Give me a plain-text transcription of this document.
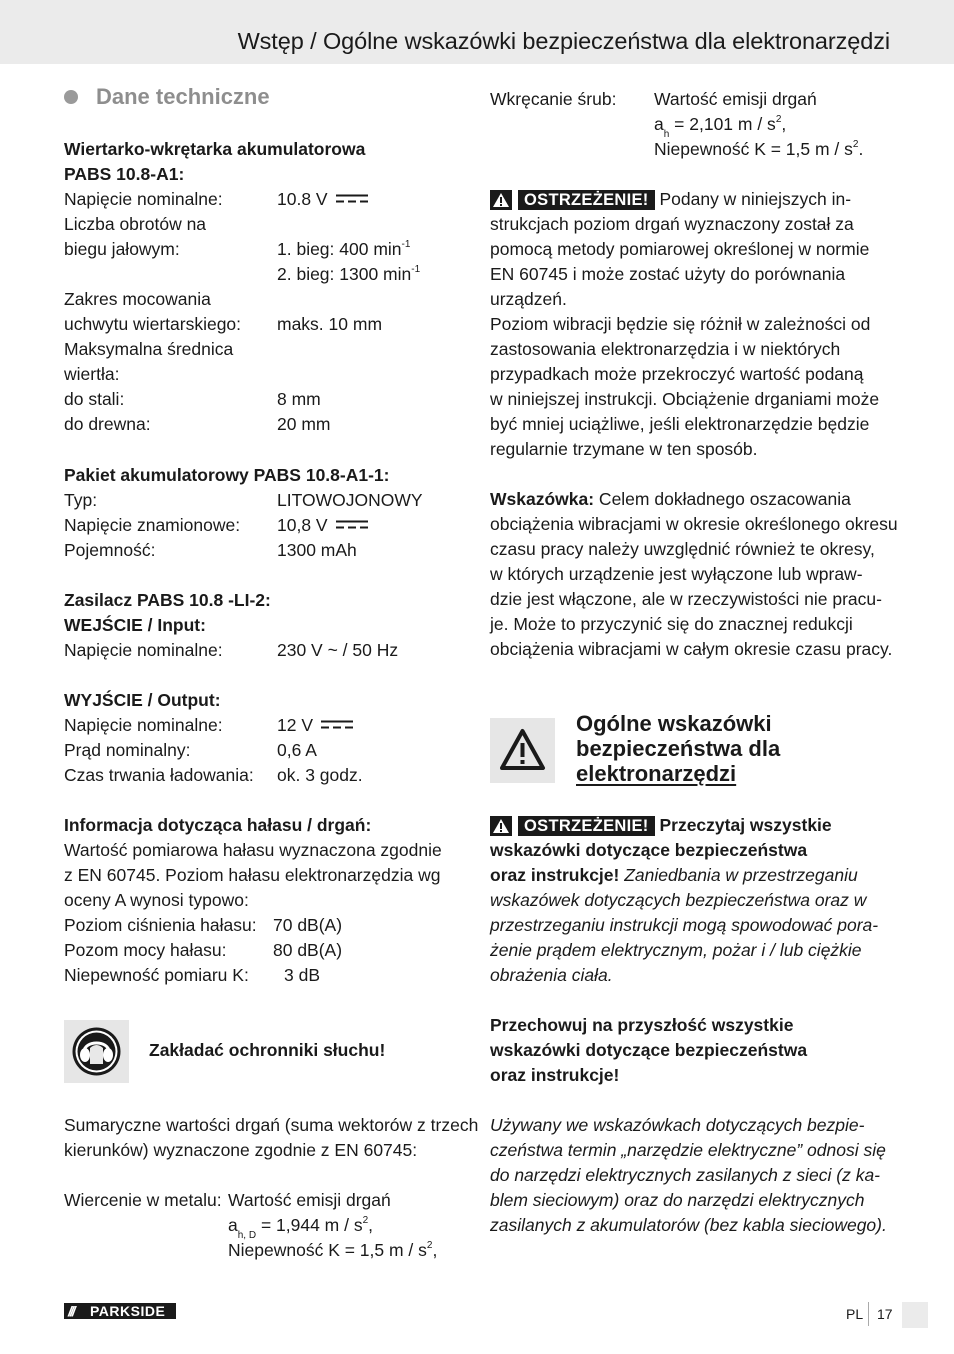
Wstęp / Ogólne wskazówki bezpieczeństwa dla elektronarzędzi
Dane techniczne
Wiertarko-wkrętarka akumulatorowa
PABS 10.8-A1:
Napięcie nominalne:	10.8 V
Liczba obrotów na
biegu jałowym:	1. bieg: 400 $\min^{-1}$
2. bieg: 1300 $\min^{-1}$
Zakres mocowania
uchwytu wiertarskiego: maks. 10 mm
Maksymalna średnica
wiertła:
do stali:	8 mm
do drewna:	20 mm
Pakiet akumulatorowy PABS 10.8-A1-1:
Typ:	LITOWOJONOWY
Napięcie znamionowe: 10,8 V
Pojemność:	1300 mAh
Zasilacz PABS 10.8 -LI-2:
WEJŚCIE / Input:
Napięcie nominalne:	230 V ~ / 50 Hz
WYJŚCIE / Output:
Napięcie nominalne:	12 V
Prąd nominalny:	0,6 A
Czas trwania ładowania: ok. 3 godz.
Informacja dotycząca hałasu / drgań:
Wartość pomiarowa hałasu wyznaczona zgodnie
z EN 60745. Poziom hałasu elektronarzędzia wg
oceny A wynosi typowo:
Poziom ciśnienia hałasu: 70 dB(A)
Pozom mocy hałasu:	80 dB(A)
Niepewność pomiaru K: 3 dB
Zakładać ochronniki słuchu!
Sumaryczne wartości drgań (suma wektorów z trzech
kierunków) wyznaczone zgodnie z EN 60745:
Wiercenie w metalu: Wartość emisji drgań
$a_{h, D} = 1,944$ m / $s^2$,
Niepewność K = 1,5 m / $s^2$,
Wkręcanie śrub: Wartość emisji drgań
$a_h = 2,101$ m / $s^2$,
Niepewność K = 1,5 m / $s^2$.
OSTRZEŻENIE! Podany w niniejszych in-
strukcjach poziom drgań wyznaczony został za
pomocą metody pomiarowej określonej w normie
EN 60745 i może zostać użyty do porównania
urządzeń.
Poziom wibracji będzie się różnił w zależności od
zastosowania elektronarzędzia i w niektórych
przypadkach może przekroczyć wartość podaną
w niniejszej instrukcji. Obciążenie drganiami może
być mniej uciążliwe, jeśli elektronarzędzie będzie
regularnie trzymane w ten sposób.
Wskazówka: Celem dokładnego oszacowania
obciążenia wibracjami w okresie określonego okresu
czasu pracy należy uwzględnić również te okresy,
w których urządzenie jest wyłączone lub wpraw-
dzie jest włączone, ale w rzeczywistości nie pracu-
je. Może to przyczynić się do znacznej redukcji
obciążenia wibracjami w całym okresie czasu pracy.
Ogólne wskazówki
bezpieczeństwa dla
elektronarzędzi
OSTRZEŻENIE! Przeczytaj wszystkie
wskazówki dotyczące bezpieczeństwa
oraz instrukcje! Zaniedbania w przestrzeganiu
wskazówek dotyczących bezpieczeństwa oraz w
przestrzeganiu instrukcji mogą spowodować pora-
żenie prądem elektrycznym, pożar i / lub ciężkie
obrażenia ciała.
Przechowuj na przyszłość wszystkie
wskazówki dotyczące bezpieczeństwa
oraz instrukcje!
Używany we wskazówkach dotyczących bezpie-
czeństwa termin „narzędzie elektryczne” odnosi się
do narzędzi elektrycznych zasilanych z sieci (z ka-
blem sieciowym) oraz do narzędzi elektrycznych
zasilanych z akumulatorów (bez kabla sieciowego).
/// PARKSIDE	PL 17
